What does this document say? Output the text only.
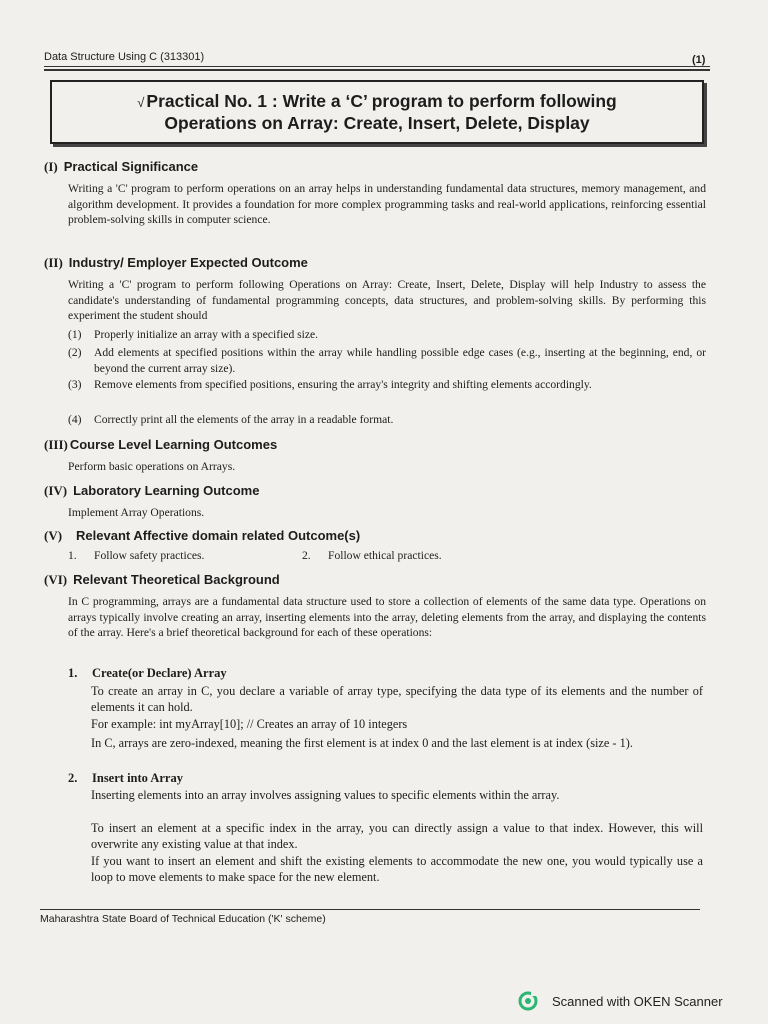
Data Structure Using C (313301)	(1)
√ Practical No. 1 : Write a ‘C’ program to perform following
Operations on Array: Create, Insert, Delete, Display
(I) Practical Significance
Writing a 'C' program to perform operations on an array helps in understanding fundamental data structures, memory management, and algorithm development. It provides a foundation for more complex programming tasks and real-world applications, reinforcing essential problem-solving skills in computer science.
(II) Industry/ Employer Expected Outcome
Writing a 'C' program to perform following Operations on Array: Create, Insert, Delete, Display will help Industry to assess the candidate's understanding of fundamental programming concepts, data structures, and problem-solving skills. By performing this experiment the student should
(1) Properly initialize an array with a specified size.
(2) Add elements at specified positions within the array while handling possible edge cases (e.g., inserting at the beginning, end, or beyond the current array size).
(3) Remove elements from specified positions, ensuring the array's integrity and shifting elements accordingly.
(4) Correctly print all the elements of the array in a readable format.
(III) Course Level Learning Outcomes
Perform basic operations on Arrays.
(IV) Laboratory Learning Outcome
Implement Array Operations.
(V) Relevant Affective domain related Outcome(s)
1. Follow safety practices.	2. Follow ethical practices.
(VI) Relevant Theoretical Background
In C programming, arrays are a fundamental data structure used to store a collection of elements of the same data type. Operations on arrays typically involve creating an array, inserting elements into the array, deleting elements from the array, and displaying the contents of the array. Here's a brief theoretical background for each of these operations:
1. Create(or Declare) Array
To create an array in C, you declare a variable of array type, specifying the data type of its elements and the number of elements it can hold.
For example: int myArray[10]; // Creates an array of 10 integers
In C, arrays are zero-indexed, meaning the first element is at index 0 and the last element is at index (size - 1).
2. Insert into Array
Inserting elements into an array involves assigning values to specific elements within the array.
To insert an element at a specific index in the array, you can directly assign a value to that index. However, this will overwrite any existing value at that index.
If you want to insert an element and shift the existing elements to accommodate the new one, you would typically use a loop to move elements to make space for the new element.
Maharashtra State Board of Technical Education ('K' scheme)
Scanned with OKEN Scanner
